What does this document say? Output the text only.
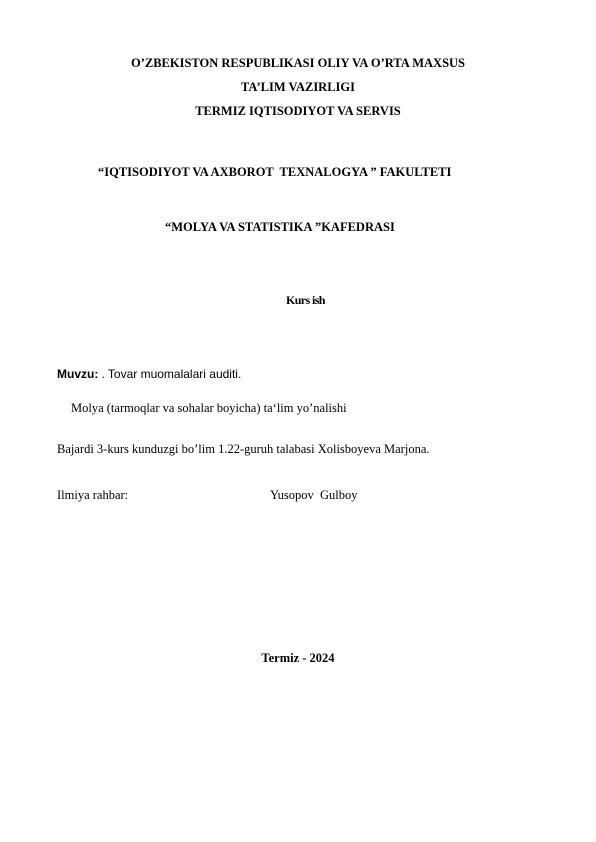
O’ZBEKISTON RESPUBLIKASI OLIY VA O’RTA MAXSUS
TA’LIM VAZIRLIGI
TERMIZ IQTISODIYOT VA SERVIS
“IQTISODIYOT VA AXBOROT  TEXNALOGYA ” FAKULTETI
“MOLYA VA STATISTIKA ”KAFEDRASI
Kurs ish
Muvzu: . Tovar muomalalari auditi.
Molya (tarmoqlar va sohalar boyicha) ta‘lim yo’nalishi
Bajardi 3-kurs kunduzgi bo’lim 1.22-guruh talabasi Xolisboyeva Marjona.
Ilmiya rahbar:	Yusopov  Gulboy
Termiz - 2024
